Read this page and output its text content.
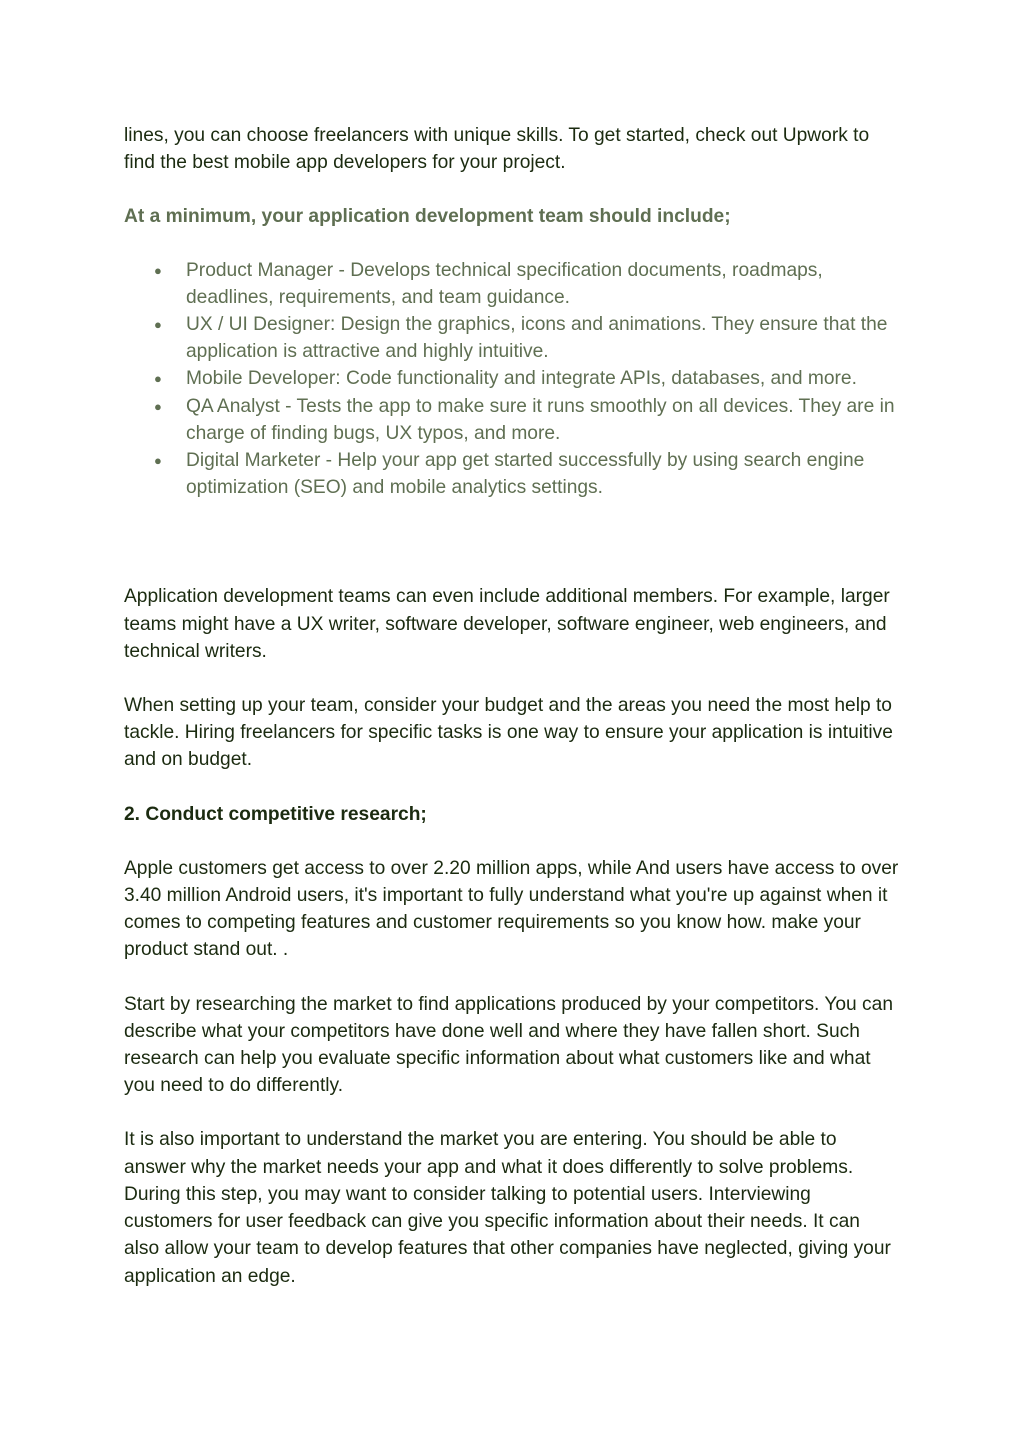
lines, you can choose freelancers with unique skills. To get started, check out Upwork to find the best mobile app developers for your project.

At a minimum, your application development team should include;

● Product Manager - Develops technical specification documents, roadmaps, deadlines, requirements, and team guidance.
● UX / UI Designer: Design the graphics, icons and animations. They ensure that the application is attractive and highly intuitive.
● Mobile Developer: Code functionality and integrate APIs, databases, and more.
● QA Analyst - Tests the app to make sure it runs smoothly on all devices. They are in charge of finding bugs, UX typos, and more.
● Digital Marketer - Help your app get started successfully by using search engine optimization (SEO) and mobile analytics settings.

Application development teams can even include additional members. For example, larger teams might have a UX writer, software developer, software engineer, web engineers, and technical writers.

When setting up your team, consider your budget and the areas you need the most help to tackle. Hiring freelancers for specific tasks is one way to ensure your application is intuitive and on budget.

2. Conduct competitive research;

Apple customers get access to over 2.20 million apps, while And users have access to over 3.40 million Android users, it's important to fully understand what you're up against when it comes to competing features and customer requirements so you know how. make your product stand out. .

Start by researching the market to find applications produced by your competitors. You can describe what your competitors have done well and where they have fallen short. Such research can help you evaluate specific information about what customers like and what you need to do differently.

It is also important to understand the market you are entering. You should be able to answer why the market needs your app and what it does differently to solve problems. During this step, you may want to consider talking to potential users. Interviewing customers for user feedback can give you specific information about their needs. It can also allow your team to develop features that other companies have neglected, giving your application an edge.
